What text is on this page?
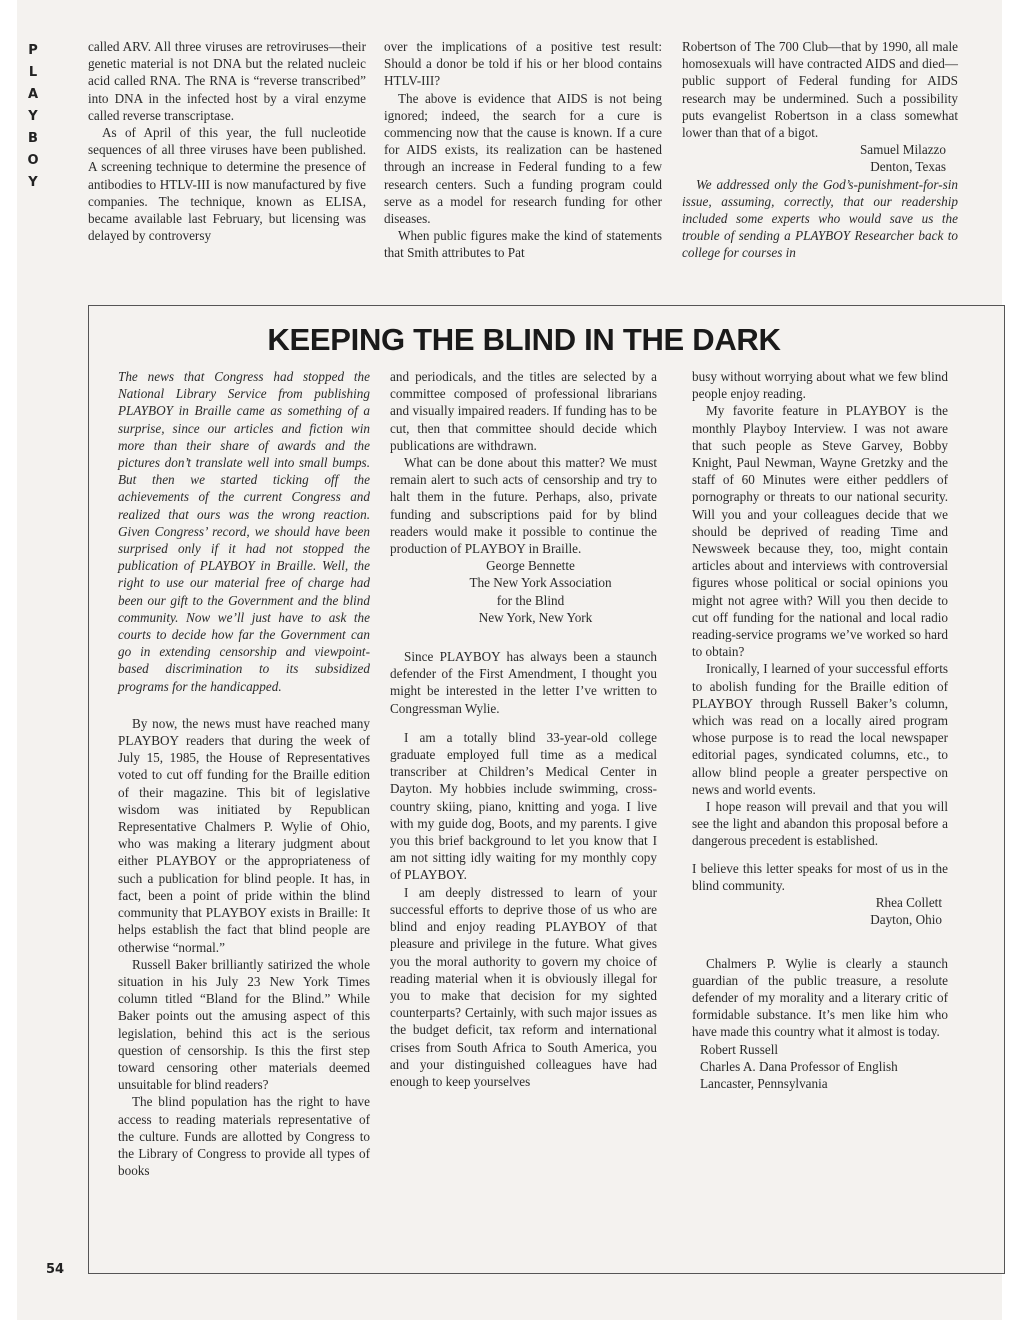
P
L
A
Y
B
O
Y

called ARV. All three viruses are retroviruses—their genetic material is not DNA but the related nucleic acid called RNA. The RNA is “reverse transcribed” into DNA in the infected host by a viral enzyme called reverse transcriptase.

As of April of this year, the full nucleotide sequences of all three viruses have been published. A screening technique to determine the presence of antibodies to HTLV-III is now manufactured by five companies. The technique, known as ELISA, became available last February, but licensing was delayed by controversy

over the implications of a positive test result: Should a donor be told if his or her blood contains HTLV-III?

The above is evidence that AIDS is not being ignored; indeed, the search for a cure is commencing now that the cause is known. If a cure for AIDS exists, its realization can be hastened through an increase in Federal funding to a few research centers. Such a funding program could serve as a model for research funding for other diseases.

When public figures make the kind of statements that Smith attributes to Pat

Robertson of The 700 Club—that by 1990, all male homosexuals will have contracted AIDS and died—public support of Federal funding for AIDS research may be undermined. Such a possibility puts evangelist Robertson in a class somewhat lower than that of a bigot.

Samuel Milazzo

Denton, Texas

We addressed only the God’s-punishment-for-sin issue, assuming, correctly, that our readership included some experts who would save us the trouble of sending a PLAYBOY Researcher back to college for courses in

KEEPING THE BLIND IN THE DARK

The news that Congress had stopped the National Library Service from publishing PLAYBOY in Braille came as something of a surprise, since our articles and fiction win more than their share of awards and the pictures don’t translate well into small bumps. But then we started ticking off the achievements of the current Congress and realized that ours was the wrong reaction. Given Congress’ record, we should have been surprised only if it had not stopped the publication of PLAYBOY in Braille. Well, the right to use our material free of charge had been our gift to the Government and the blind community. Now we’ll just have to ask the courts to decide how far the Government can go in extending censorship and viewpoint-based discrimination to its subsidized programs for the handicapped.

By now, the news must have reached many PLAYBOY readers that during the week of July 15, 1985, the House of Representatives voted to cut off funding for the Braille edition of their magazine. This bit of legislative wisdom was initiated by Republican Representative Chalmers P. Wylie of Ohio, who was making a literary judgment about either PLAYBOY or the appropriateness of such a publication for blind people. It has, in fact, been a point of pride within the blind community that PLAYBOY exists in Braille: It helps establish the fact that blind people are otherwise “normal.”

Russell Baker brilliantly satirized the whole situation in his July 23 New York Times column titled “Bland for the Blind.” While Baker points out the amusing aspect of this legislation, behind this act is the serious question of censorship. Is this the first step toward censoring other materials deemed unsuitable for blind readers?

The blind population has the right to have access to reading materials representative of the culture. Funds are allotted by Congress to the Library of Congress to provide all types of books

and periodicals, and the titles are selected by a committee composed of professional librarians and visually impaired readers. If funding has to be cut, then that committee should decide which publications are withdrawn.

What can be done about this matter? We must remain alert to such acts of censorship and try to halt them in the future. Perhaps, also, private funding and subscriptions paid for by blind readers would make it possible to continue the production of PLAYBOY in Braille.

George Bennette

The New York Association

for the Blind

New York, New York

Since PLAYBOY has always been a staunch defender of the First Amendment, I thought you might be interested in the letter I’ve written to Congressman Wylie.

I am a totally blind 33-year-old college graduate employed full time as a medical transcriber at Children’s Medical Center in Dayton. My hobbies include swimming, cross-country skiing, piano, knitting and yoga. I live with my guide dog, Boots, and my parents. I give you this brief background to let you know that I am not sitting idly waiting for my monthly copy of PLAYBOY.

I am deeply distressed to learn of your successful efforts to deprive those of us who are blind and enjoy reading PLAYBOY of that pleasure and privilege in the future. What gives you the moral authority to govern my choice of reading material when it is obviously illegal for you to make that decision for my sighted counterparts? Certainly, with such major issues as the budget deficit, tax reform and international crises from South Africa to South America, you and your distinguished colleagues have had enough to keep yourselves

busy without worrying about what we few blind people enjoy reading.

My favorite feature in PLAYBOY is the monthly Playboy Interview. I was not aware that such people as Steve Garvey, Bobby Knight, Paul Newman, Wayne Gretzky and the staff of 60 Minutes were either peddlers of pornography or threats to our national security. Will you and your colleagues decide that we should be deprived of reading Time and Newsweek because they, too, might contain articles about and interviews with controversial figures whose political or social opinions you might not agree with? Will you then decide to cut off funding for the national and local radio reading-service programs we’ve worked so hard to obtain?

Ironically, I learned of your successful efforts to abolish funding for the Braille edition of PLAYBOY through Russell Baker’s column, which was read on a locally aired program whose purpose is to read the local newspaper editorial pages, syndicated columns, etc., to allow blind people a greater perspective on news and world events.

I hope reason will prevail and that you will see the light and abandon this proposal before a dangerous precedent is established.

I believe this letter speaks for most of us in the blind community.

Rhea Collett

Dayton, Ohio

Chalmers P. Wylie is clearly a staunch guardian of the public treasure, a resolute defender of my morality and a literary critic of formidable substance. It’s men like him who have made this country what it almost is today.

Robert Russell

Charles A. Dana Professor of English

Lancaster, Pennsylvania

54
